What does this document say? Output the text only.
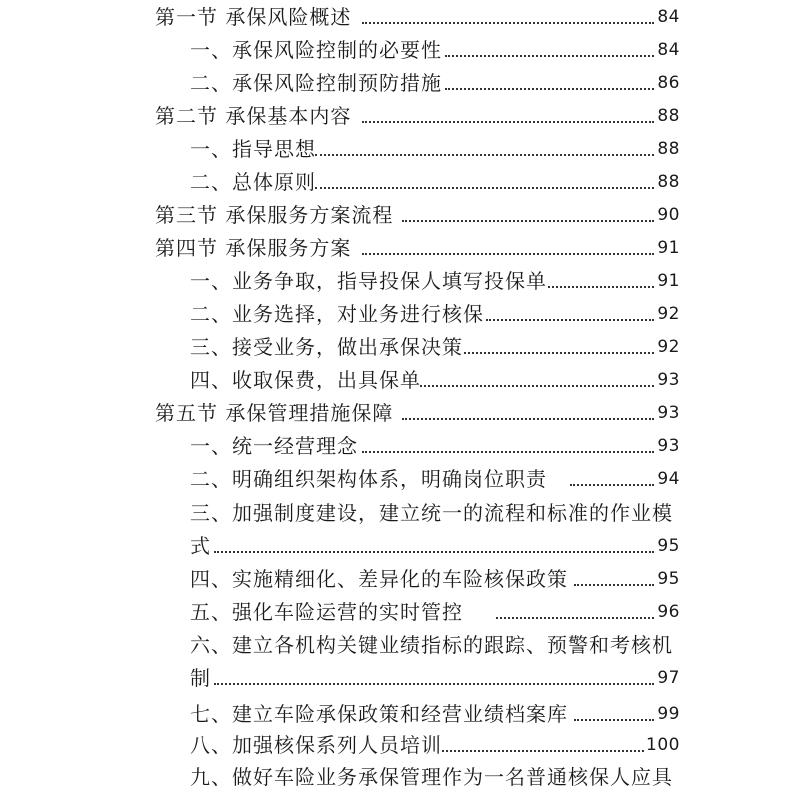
第一节 承保风险概述	84
一、承保风险控制的必要性	84
二、承保风险控制预防措施	86
第二节 承保基本内容	88
一、指导思想	88
二、总体原则	88
第三节 承保服务方案流程	90
第四节 承保服务方案	91
一、业务争取，指导投保人填写投保单	91
二、业务选择，对业务进行核保	92
三、接受业务，做出承保决策	92
四、收取保费，出具保单	93
第五节 承保管理措施保障	93
一、统一经营理念	93
二、明确组织架构体系，明确岗位职责	94
三、加强制度建设，建立统一的流程和标准的作业模
式	95
四、实施精细化、差异化的车险核保政策	95
五、强化车险运营的实时管控	96
六、建立各机构关键业绩指标的跟踪、预警和考核机
制	97
七、建立车险承保政策和经营业绩档案库	99
八、加强核保系列人员培训	100
九、做好车险业务承保管理作为一名普通核保人应具
